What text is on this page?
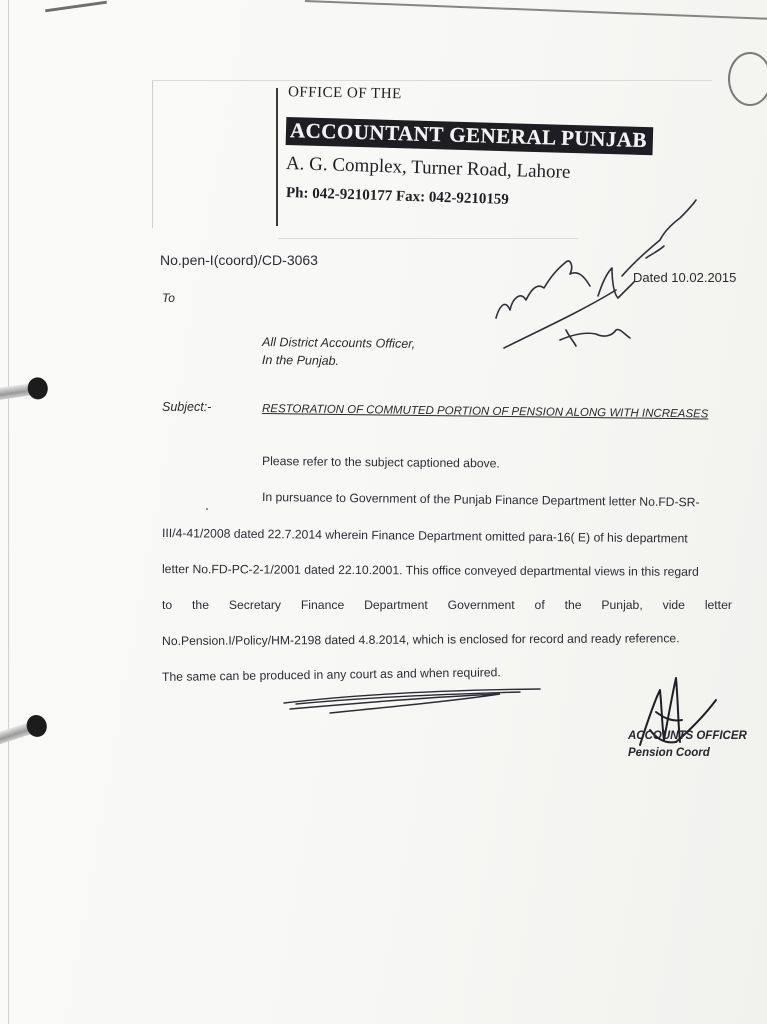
OFFICE OF THE
ACCOUNTANT GENERAL PUNJAB
A. G. Complex, Turner Road, Lahore
Ph: 042-9210177 Fax: 042-9210159
No.pen-I(coord)/CD-3063
To
Dated 10.02.2015
All District Accounts Officer,
In the Punjab.
Subject:-	RESTORATION OF COMMUTED PORTION OF PENSION ALONG WITH INCREASES
Please refer to the subject captioned above.
In pursuance to Government of the Punjab Finance Department letter No.FD-SR-
III/4-41/2008 dated 22.7.2014 wherein Finance Department omitted para-16( E) of his department
letter No.FD-PC-2-1/2001 dated 22.10.2001. This office conveyed departmental views in this regard
to the Secretary Finance Department Government of the Punjab, vide letter
No.Pension.I/Policy/HM-2198 dated 4.8.2014, which is enclosed for record and ready reference.
The same can be produced in any court as and when required.
ACCOUNTS OFFICER
Pension Coord
